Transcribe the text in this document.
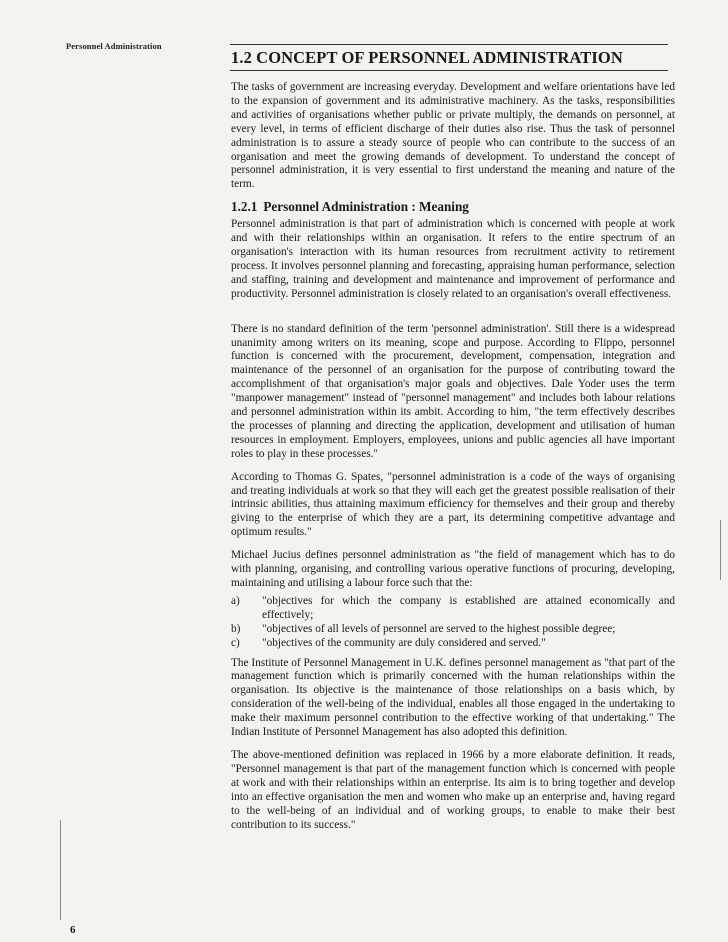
Personnel Administration
1.2 CONCEPT OF PERSONNEL ADMINISTRATION

The tasks of government are increasing everyday. Development and welfare orientations have led to the expansion of government and its administrative machinery. As the tasks, responsibilities and activities of organisations whether public or private multiply, the demands on personnel, at every level, in terms of efficient discharge of their duties also rise. Thus the task of personnel administration is to assure a steady source of people who can contribute to the success of an organisation and meet the growing demands of development. To understand the concept of personnel administration, it is very essential to first understand the meaning and nature of the term.

1.2.1 Personnel Administration : Meaning

Personnel administration is that part of administration which is concerned with people at work and with their relationships within an organisation. It refers to the entire spectrum of an organisation's interaction with its human resources from recruitment activity to retirement process. It involves personnel planning and forecasting, appraising human performance, selection and staffing, training and development and maintenance and improvement of performance and productivity. Personnel administration is closely related to an organisation's overall effectiveness.

There is no standard definition of the term 'personnel administration'. Still there is a widespread unanimity among writers on its meaning, scope and purpose. According to Flippo, personnel function is concerned with the procurement, development, compensation, integration and maintenance of the personnel of an organisation for the purpose of contributing toward the accomplishment of that organisation's major goals and objectives. Dale Yoder uses the term "manpower management" instead of "personnel management" and includes both labour relations and personnel administration within its ambit. According to him, "the term effectively describes the processes of planning and directing the application, development and utilisation of human resources in employment. Employers, employees, unions and public agencies all have important roles to play in these processes."

According to Thomas G. Spates, "personnel administration is a code of the ways of organising and treating individuals at work so that they will each get the greatest possible realisation of their intrinsic abilities, thus attaining maximum efficiency for themselves and their group and thereby giving to the enterprise of which they are a part, its determining competitive advantage and optimum results."

Michael Jucius defines personnel administration as "the field of management which has to do with planning, organising, and controlling various operative functions of procuring, developing, maintaining and utilising a labour force such that the:

a)	"objectives for which the company is established are attained economically and effectively;
b)	"objectives of all levels of personnel are served to the highest possible degree;
c)	"objectives of the community are duly considered and served."

The Institute of Personnel Management in U.K. defines personnel management as "that part of the management function which is primarily concerned with the human relationships within the organisation. Its objective is the maintenance of those relationships on a basis which, by consideration of the well-being of the individual, enables all those engaged in the undertaking to make their maximum personnel contribution to the effective working of that undertaking." The Indian Institute of Personnel Management has also adopted this definition.

The above-mentioned definition was replaced in 1966 by a more elaborate definition. It reads, "Personnel management is that part of the management function which is concerned with people at work and with their relationships within an enterprise. Its aim is to bring together and develop into an effective organisation the men and women who make up an enterprise and, having regard to the well-being of an individual and of working groups, to enable to make their best contribution to its success."

6
